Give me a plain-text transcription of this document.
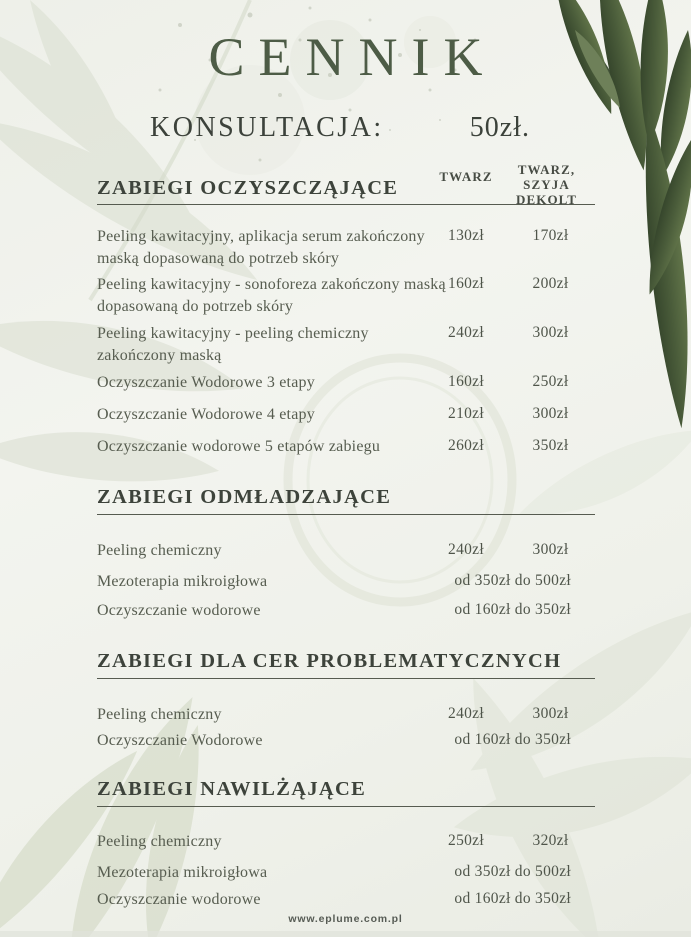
CENNIK
KONSULTACJA:	50zł.
ZABIEGI OCZYSZCZĄJĄCE
TWARZ	TWARZ, SZYJA
DEKOLT
Peeling kawitacyjny, aplikacja serum zakończony maską dopasowaną do potrzeb skóry
130zł	170zł
Peeling kawitacyjny - sonoforeza zakończony maską dopasowaną do potrzeb skóry
160zł	200zł
Peeling kawitacyjny - peeling chemiczny zakończony maską
240zł	300zł
Oczyszczanie Wodorowe 3 etapy	160zł	250zł
Oczyszczanie Wodorowe 4 etapy	210zł	300zł
Oczyszczanie wodorowe 5 etapów zabiegu	260zł	350zł
ZABIEGI ODMŁADZAJĄCE
Peeling chemiczny	240zł	300zł
Mezoterapia mikroigłowa	od 350zł do 500zł
Oczyszczanie wodorowe	od 160zł do 350zł
ZABIEGI DLA CER PROBLEMATYCZNYCH
Peeling chemiczny	240zł	300zł
Oczyszczanie Wodorowe	od 160zł do 350zł
ZABIEGI NAWILŻĄJĄCE
Peeling chemiczny	250zł	320zł
Mezoterapia mikroigłowa	od 350zł do 500zł
Oczyszczanie wodorowe	od 160zł do 350zł
www.eplume.com.pl
